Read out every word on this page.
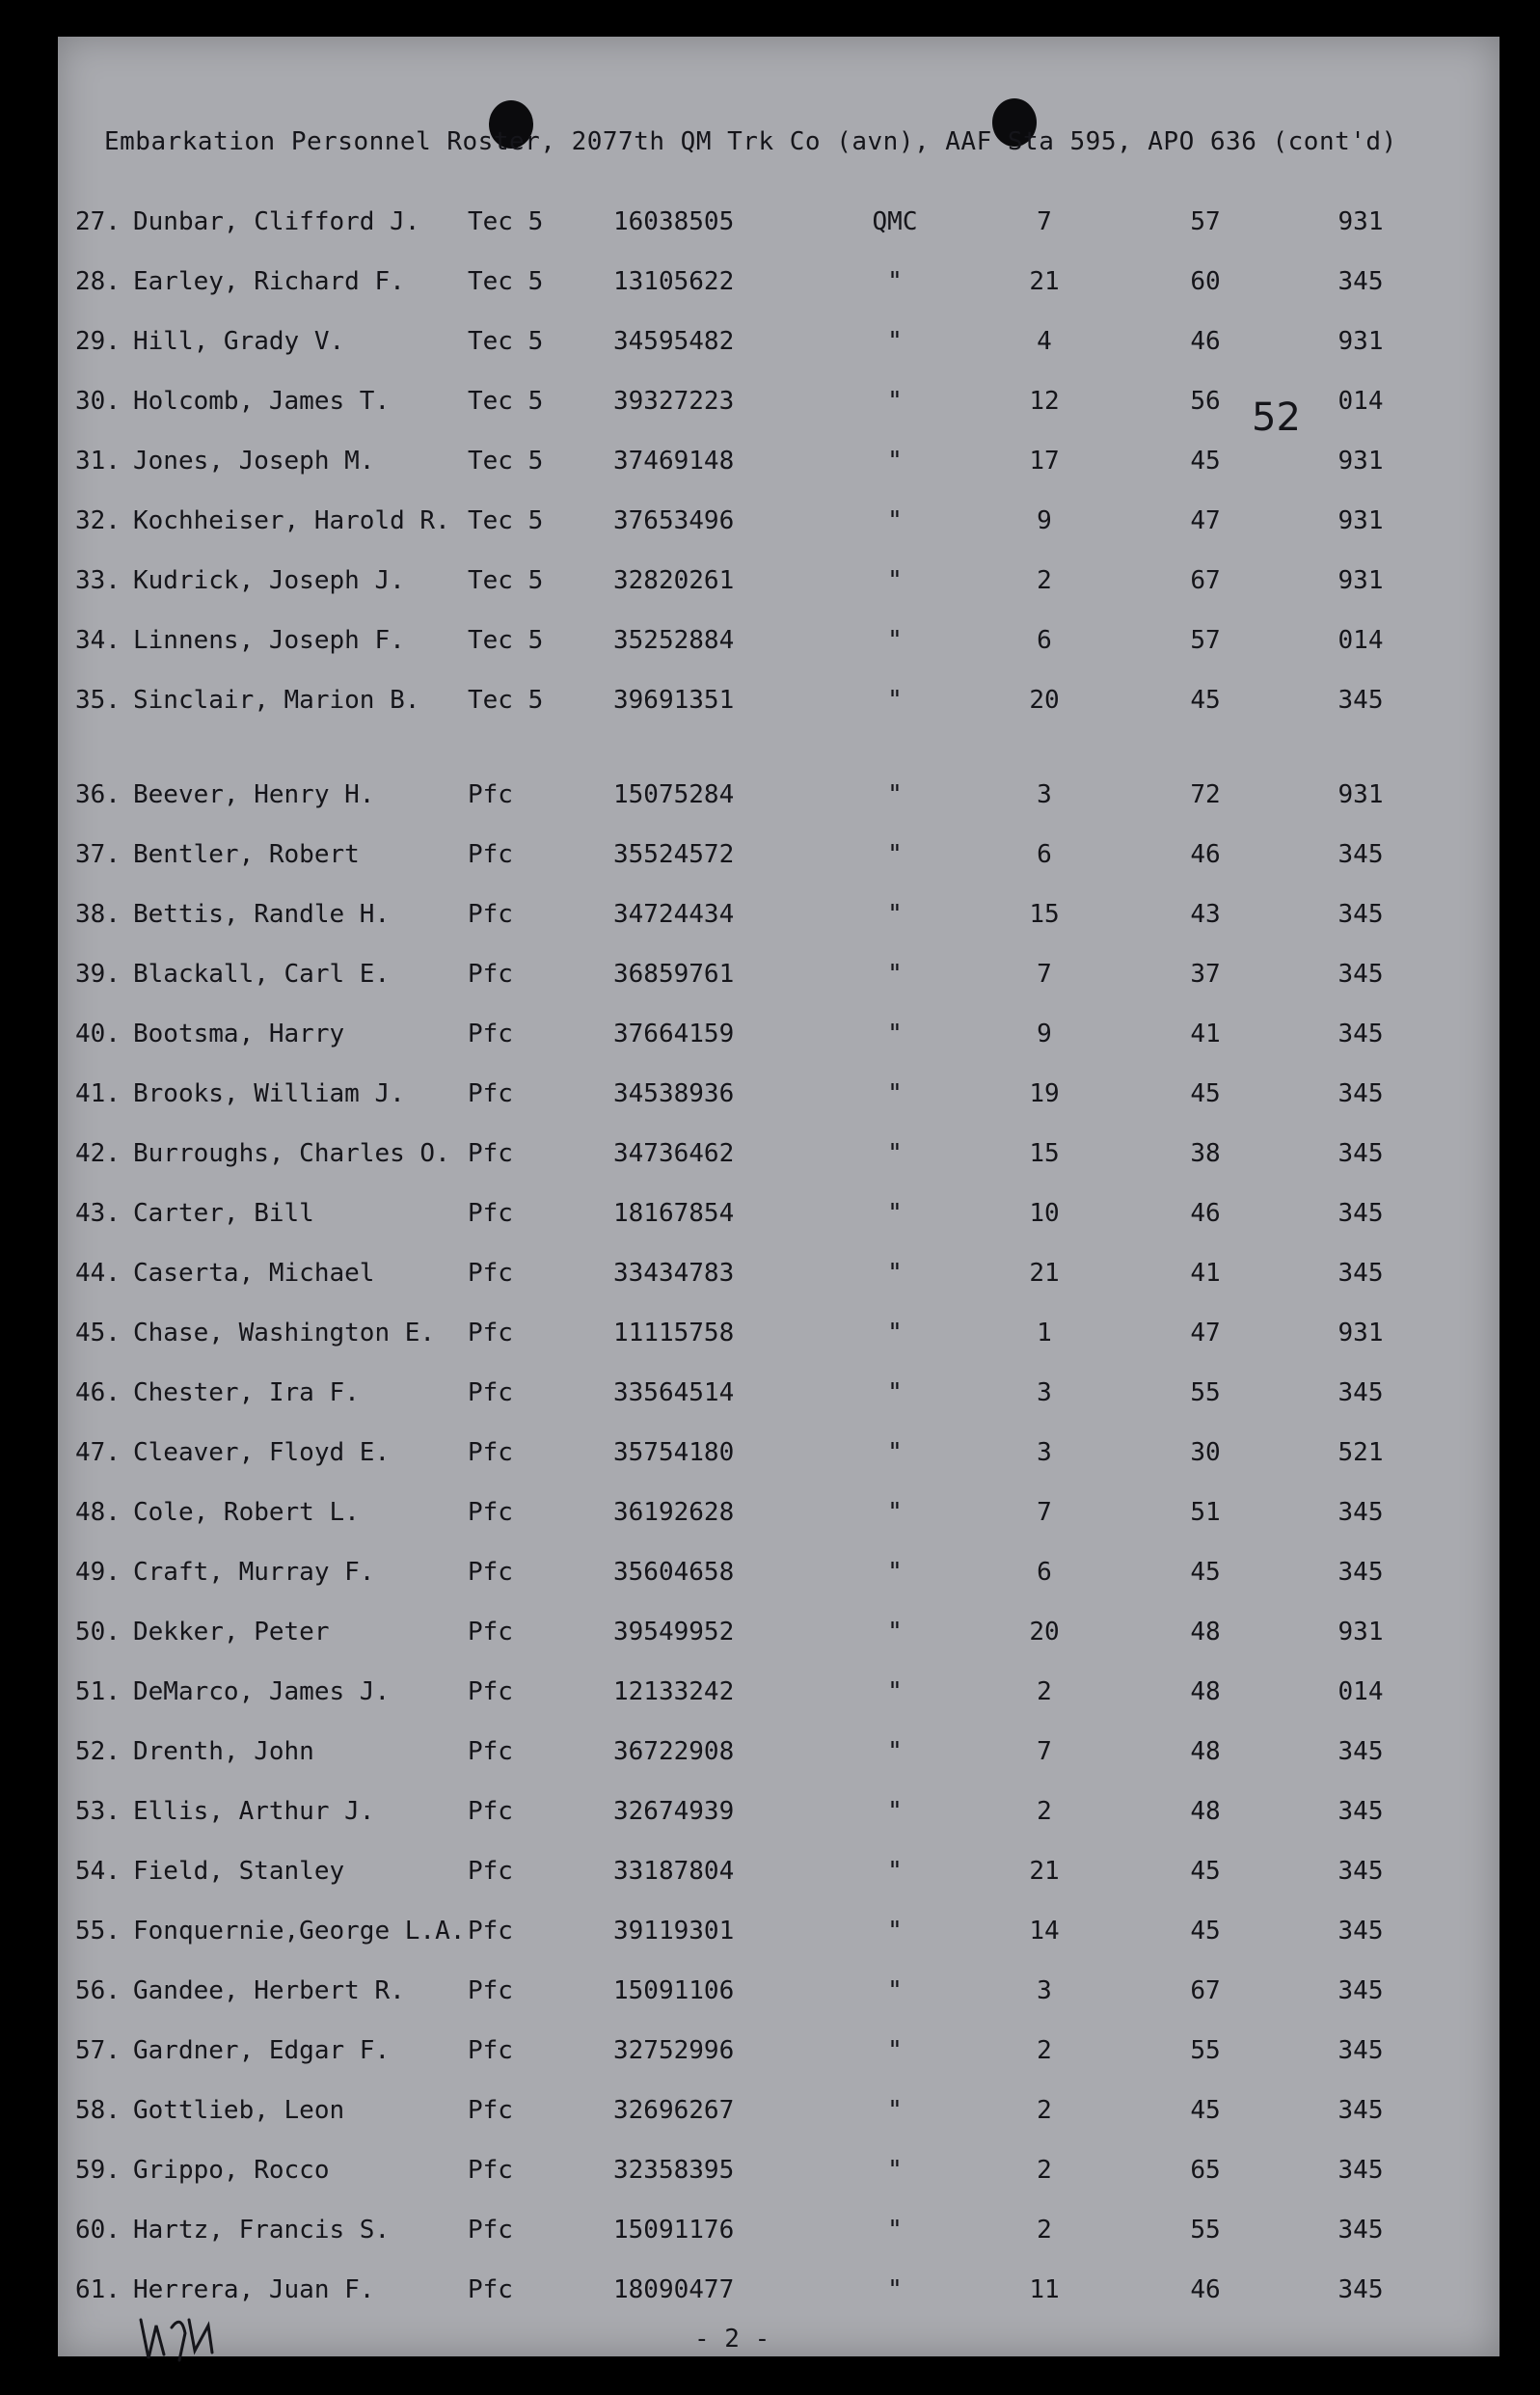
Embarkation Personnel Roster, 2077th QM Trk Co (avn), AAF Sta 595, APO 636 (cont'd)
27. Dunbar, Clifford J. Tec 5	16038505	QMC	7	57	931
28. Earley, Richard F.	Tec 5	13105622	"	21	60	345
29. Hill, Grady V.	Tec 5	34595482	"	4	46	931
30. Holcomb, James T.	Tec 5	39327223	"	12	56	014
31. Jones, Joseph M.	Tec 5	37469148	"	17	45	931
32. Kochheiser, Harold R. Tec 5	37653496	"	9	47	931
33. Kudrick, Joseph J.	Tec 5	32820261	"	2	67	931
34. Linnens, Joseph F.	Tec 5	35252884	"	6	57	014
35. Sinclair, Marion B. Tec 5	39691351	"	20	45	345
36. Beever, Henry H.	Pfc	15075284	"	3	72	931
37. Bentler, Robert	Pfc	35524572	"	6	46	345
38. Bettis, Randle H.	Pfc	34724434	"	15	43	345
39. Blackall, Carl E.	Pfc	36859761	"	7	37	345
40. Bootsma, Harry	Pfc	37664159	"	9	41	345
41. Brooks, William J.	Pfc	34538936	"	19	45	345
42. Burroughs, Charles O. Pfc	34736462	"	15	38	345
43. Carter, Bill	Pfc	18167854	"	10	46	345
44. Caserta, Michael	Pfc	33434783	"	21	41	345
45. Chase, Washington E. Pfc	11115758	"	1	47	931
46. Chester, Ira F.	Pfc	33564514	"	3	55	345
47. Cleaver, Floyd E.	Pfc	35754180	"	3	30	521
48. Cole, Robert L.	Pfc	36192628	"	7	51	345
49. Craft, Murray F.	Pfc	35604658	"	6	45	345
50. Dekker, Peter	Pfc	39549952	"	20	48	931
51. DeMarco, James J.	Pfc	12133242	"	2	48	014
52. Drenth, John	Pfc	36722908	"	7	48	345
53. Ellis, Arthur J.	Pfc	32674939	"	2	48	345
54. Field, Stanley	Pfc	33187804	"	21	45	345
55. Fonquernie,George L.A. Pfc	39119301	"	14	45	345
56. Gandee, Herbert R.	Pfc	15091106	"	3	67	345
57. Gardner, Edgar F.	Pfc	32752996	"	2	55	345
58. Gottlieb, Leon	Pfc	32696267	"	2	45	345
59. Grippo, Rocco	Pfc	32358395	"	2	65	345
60. Hartz, Francis S.	Pfc	15091176	"	2	55	345
61. Herrera, Juan F.	Pfc	18090477	"	11	46	345
52
- 2 -
